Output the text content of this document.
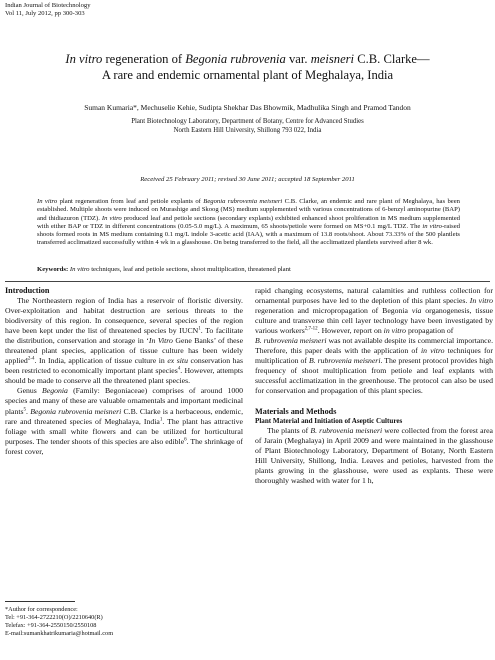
Indian Journal of Biotechnology
Vol 11, July 2012, pp 300-303
In vitro regeneration of Begonia rubrovenia var. meisneri C.B. Clarke—
A rare and endemic ornamental plant of Meghalaya, India
Suman Kumaria*, Mechuselie Kehie, Sudipta Shekhar Das Bhowmik, Madhulika Singh and Pramod Tandon
Plant Biotechnology Laboratory, Department of Botany, Centre for Advanced Studies
North Eastern Hill University, Shillong 793 022, India
Received 25 February 2011; revised 30 June 2011; accepted 18 September 2011
In vitro plant regeneration from leaf and petiole explants of Begonia rubrovenia meisneri C.B. Clarke, an endemic and rare plant of Meghalaya, has been established. Multiple shoots were induced on Murashige and Skoog (MS) medium supplemented with various concentrations of 6-benzyl aminopurine (BAP) and thidiazuron (TDZ). In vitro produced leaf and petiole sections (secondary explants) exhibited enhanced shoot proliferation in MS medium supplemented with either BAP or TDZ in different concentrations (0.05-5.0 mg/L). A maximum, 65 shoots/petiole were formed on MS+0.1 mg/L TDZ. The in vitro-raised shoots formed roots in MS medium containing 0.1 mg/L indole 3-acetic acid (IAA), with a maximum of 13.8 roots/shoot. About 73.33% of the 500 plantlets transferred acclimatized successfully within 4 wk in a glasshouse. On being transferred to the field, all the acclimatized plantlets survived after 8 wk.
Keywords: In vitro techniques, leaf and petiole sections, shoot multiplication, threatened plant
Introduction

The Northeastern region of India has a reservoir of floristic diversity. Over-exploitation and habitat destruction are serious threats to the biodiversity of this region. In consequence, several species of the region have been kept under the list of threatened species by IUCN$^1$. To facilitate the distribution, conservation and storage in ‘In Vitro Gene Banks’ of these threatened plant species, application of tissue culture has been widely applied$^{2-4}$. In India, application of tissue culture in ex situ conservation has been restricted to economically important plant species$^4$. However, attempts should be made to conserve all the threatened plant species.

Genus Begonia (Family: Begoniaceae) comprises of around 1000 species and many of these are valuable ornamentals and important medicinal plants$^5$. Begonia rubrovenia meisneri C.B. Clarke is a herbaceous, endemic, rare and threatened species of Meghalaya, India$^1$. The plant has attractive foliage with small white flowers and can be utilized for horticultural purposes. The tender shoots of this species are also edible$^6$. The shrinkage of forest cover,

*Author for correspondence:
Tel: +91-364-2722210(O)/2210640(R)
Telefax: +91-364-2550150/2550108
E-mail:sumankhatrikumaria@hotmail.com

rapid changing ecosystems, natural calamities and ruthless collection for ornamental purposes have led to the depletion of this plant species. In vitro regeneration and micropropagation of Begonia via organogenesis, tissue culture and transverse thin cell layer technology have been investigated by various workers$^{2,7-12}$. However, report on in vitro propagation of

B. rubrovenia meisneri was not available despite its commercial importance. Therefore, this paper deals with the application of in vitro techniques for multiplication of B. rubrovenia meisneri. The present protocol provides high frequency of shoot multiplication from petiole and leaf explants with successful acclimatization in the greenhouse. The protocol can also be used for conservation and propagation of this plant species.

Materials and Methods
Plant Material and Initiation of Aseptic Cultures

The plants of B. rubrovenia meisneri were collected from the forest area of Jarain (Meghalaya) in April 2009 and were maintained in the glasshouse of Plant Biotechnology Laboratory, Department of Botany, North Eastern Hill University, Shillong, India. Leaves and petioles, harvested from the plants growing in the glasshouse, were used as explants. These were thoroughly washed with water for 1 h,
